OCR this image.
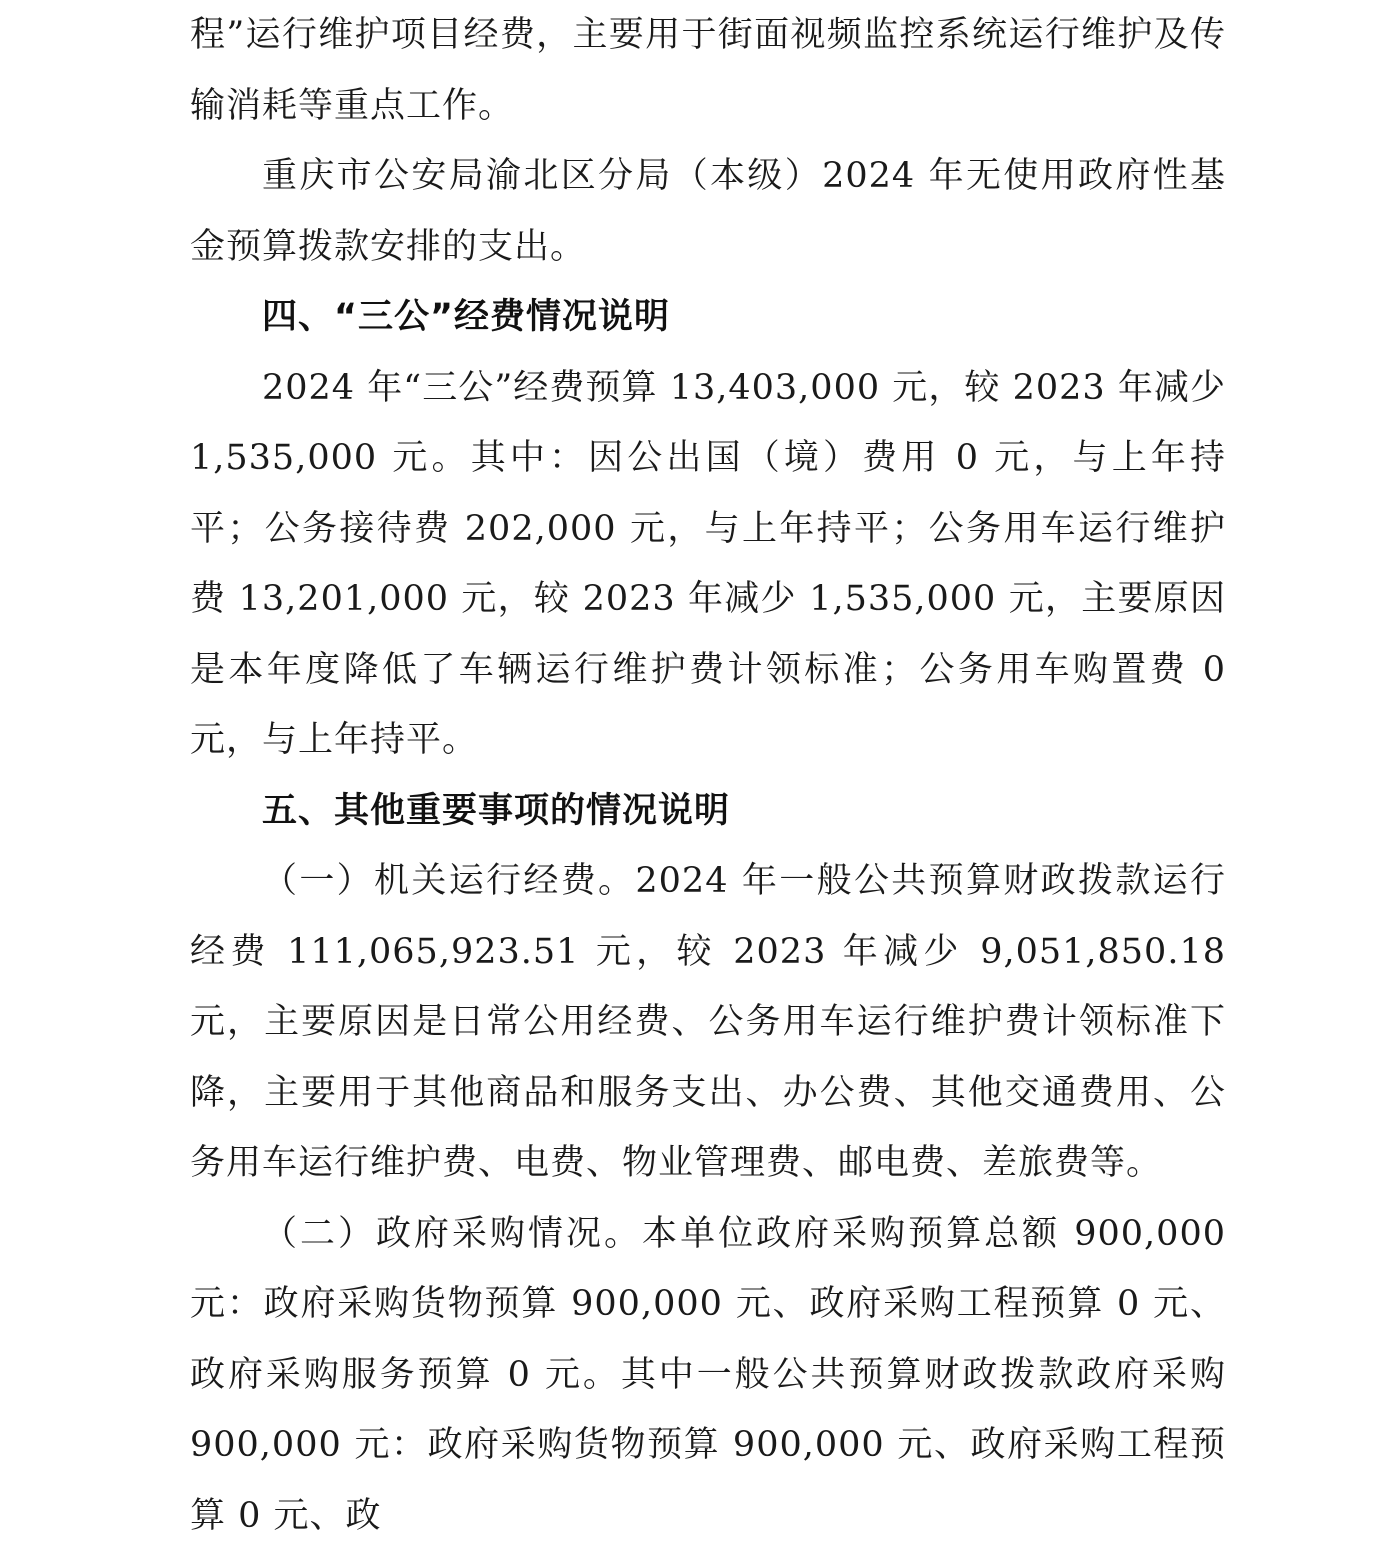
程”运行维护项目经费，主要用于街面视频监控系统运行维护及传输消耗等重点工作。

重庆市公安局渝北区分局（本级）2024 年无使用政府性基金预算拨款安排的支出。

四、“三公”经费情况说明

2024 年“三公”经费预算 13,403,000 元，较 2023 年减少 1,535,000 元。其中：因公出国（境）费用 0 元，与上年持平；公务接待费 202,000 元，与上年持平；公务用车运行维护费 13,201,000 元，较 2023 年减少 1,535,000 元，主要原因是本年度降低了车辆运行维护费计领标准；公务用车购置费 0 元，与上年持平。

五、其他重要事项的情况说明

（一）机关运行经费。2024 年一般公共预算财政拨款运行经费 111,065,923.51 元，较 2023 年减少 9,051,850.18 元，主要原因是日常公用经费、公务用车运行维护费计领标准下降，主要用于其他商品和服务支出、办公费、其他交通费用、公务用车运行维护费、电费、物业管理费、邮电费、差旅费等。

（二）政府采购情况。本单位政府采购预算总额 900,000 元：政府采购货物预算 900,000 元、政府采购工程预算 0 元、政府采购服务预算 0 元。其中一般公共预算财政拨款政府采购 900,000 元：政府采购货物预算 900,000 元、政府采购工程预算 0 元、政
